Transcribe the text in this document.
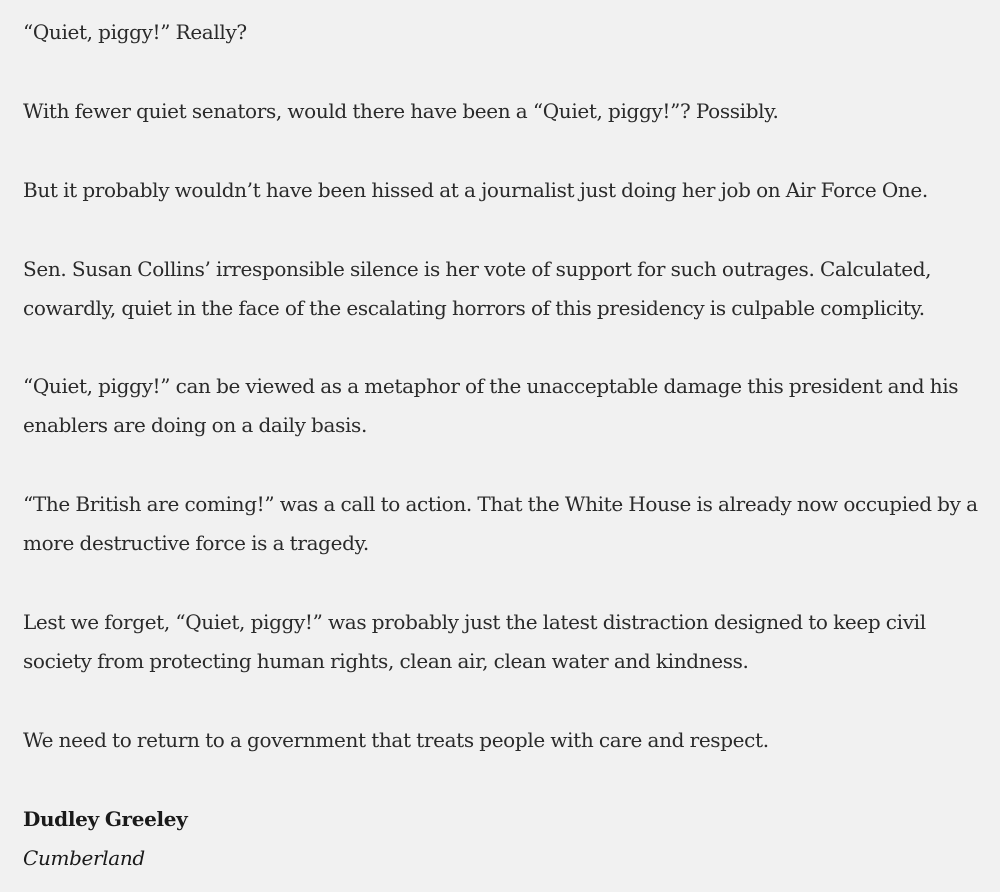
“Quiet, piggy!” Really?

With fewer quiet senators, would there have been a “Quiet, piggy!”? Possibly.

But it probably wouldn’t have been hissed at a journalist just doing her job on Air Force One.

Sen. Susan Collins’ irresponsible silence is her vote of support for such outrages. Calculated, cowardly, quiet in the face of the escalating horrors of this presidency is culpable complicity.

“Quiet, piggy!” can be viewed as a metaphor of the unacceptable damage this president and his enablers are doing on a daily basis.

“The British are coming!” was a call to action. That the White House is already now occupied by a more destructive force is a tragedy.

Lest we forget, “Quiet, piggy!” was probably just the latest distraction designed to keep civil society from protecting human rights, clean air, clean water and kindness.

We need to return to a government that treats people with care and respect.

Dudley Greeley
Cumberland
